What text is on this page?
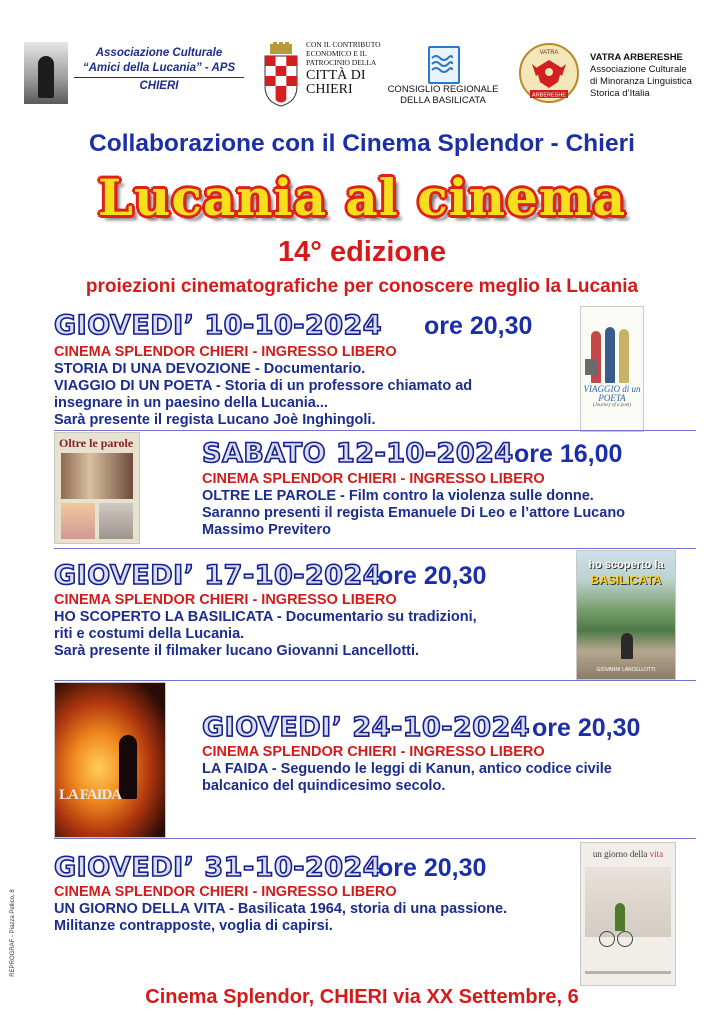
Associazione Culturale
“Amici della Lucania” - APS
CHIERI
CON IL CONTRIBUTO
ECONOMICO E IL
PATROCINIO DELLA
CITTÀ DI
CHIERI	CONSIGLIO REGIONALE
DELLA BASILICATA
VATRA
ARBERESHE
VATRA ARBERESHE
Associazione Culturale
di Minoranza Linguistica
Storica d’Italia
Collaborazione con il Cinema Splendor - Chieri
Lucania al cinema
14° edizione
proiezioni cinematografiche per conoscere meglio la Lucania
GIOVEDI’ 10-10-2024 ore 20,30
CINEMA SPLENDOR CHIERI - INGRESSO LIBERO
STORIA DI UNA DEVOZIONE - Documentario.
VIAGGIO DI UN POETA - Storia di un professore chiamato ad
insegnare in un paesino della Lucania...
Sarà presente il regista Lucano Joè Inghingoli.
VIAGGIO di un POETA
(Journey of a poet)
Oltre le parole	SABATO 12-10-2024 ore 16,00
CINEMA SPLENDOR CHIERI - INGRESSO LIBERO
OLTRE LE PAROLE - Film contro la violenza sulle donne.
Saranno presenti il regista Emanuele Di Leo e l’attore Lucano
Massimo Previtero
GIOVEDI’ 17-10-2024
ore 20,30
CINEMA SPLENDOR CHIERI - INGRESSO LIBERO
HO SCOPERTO LA BASILICATA - Documentario su tradizioni,
riti e costumi della Lucania.
Sarà presente il filmaker lucano Giovanni Lancellotti.
ho scoperto la
BASILICATA
GIOVANNI LANCELLOTTI
LA FAIDA
GIOVEDI’ 24-10-2024 ore 20,30
CINEMA SPLENDOR CHIERI - INGRESSO LIBERO
LA FAIDA - Seguendo le leggi di Kanun, antico codice civile
balcanico del quindicesimo secolo.
GIOVEDI’ 31-10-2024
ore 20,30
CINEMA SPLENDOR CHIERI - INGRESSO LIBERO
UN GIORNO DELLA VITA - Basilicata 1964, storia di una passione.
Militanze contrapposte, voglia di capirsi.
un giorno della vita
Cinema Splendor, CHIERI via XX Settembre, 6
REPROGRAF - Piazza Pellico, 8
